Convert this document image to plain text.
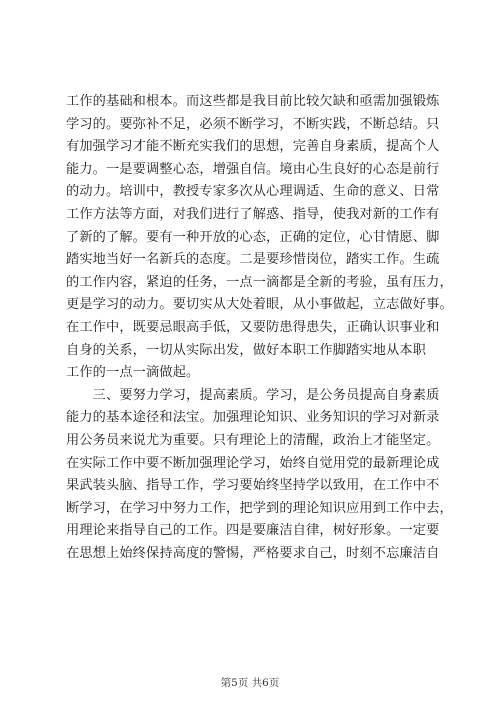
工作的基础和根本。而这些都是我目前比较欠缺和亟需加强锻炼
学习的。要弥补不足，必须不断学习，不断实践，不断总结。只
有加强学习才能不断充实我们的思想，完善自身素质，提高个人
能力。一是要调整心态，增强自信。境由心生良好的心态是前行
的动力。培训中，教授专家多次从心理调适、生命的意义、日常
工作方法等方面，对我们进行了解惑、指导，使我对新的工作有
了新的了解。要有一种开放的心态，正确的定位，心甘情愿、脚
踏实地当好一名新兵的态度。二是要珍惜岗位，踏实工作。生疏
的工作内容，紧迫的任务，一点一滴都是全新的考验，虽有压力，
更是学习的动力。要切实从大处着眼，从小事做起，立志做好事。
在工作中，既要忌眼高手低，又要防患得患失，正确认识事业和
自身的关系，一切从实际出发，做好本职工作脚踏实地从本职
工作的一点一滴做起。
　　三、要努力学习，提高素质。学习，是公务员提高自身素质
能力的基本途径和法宝。加强理论知识、业务知识的学习对新录
用公务员来说尤为重要。只有理论上的清醒，政治上才能坚定。
在实际工作中要不断加强理论学习，始终自觉用党的最新理论成
果武装头脑、指导工作，学习要始终坚持学以致用，在工作中不
断学习，在学习中努力工作，把学到的理论知识应用到工作中去，
用理论来指导自己的工作。四是要廉洁自律，树好形象。一定要
在思想上始终保持高度的警惕，严格要求自己，时刻不忘廉洁自
第5页 共6页
